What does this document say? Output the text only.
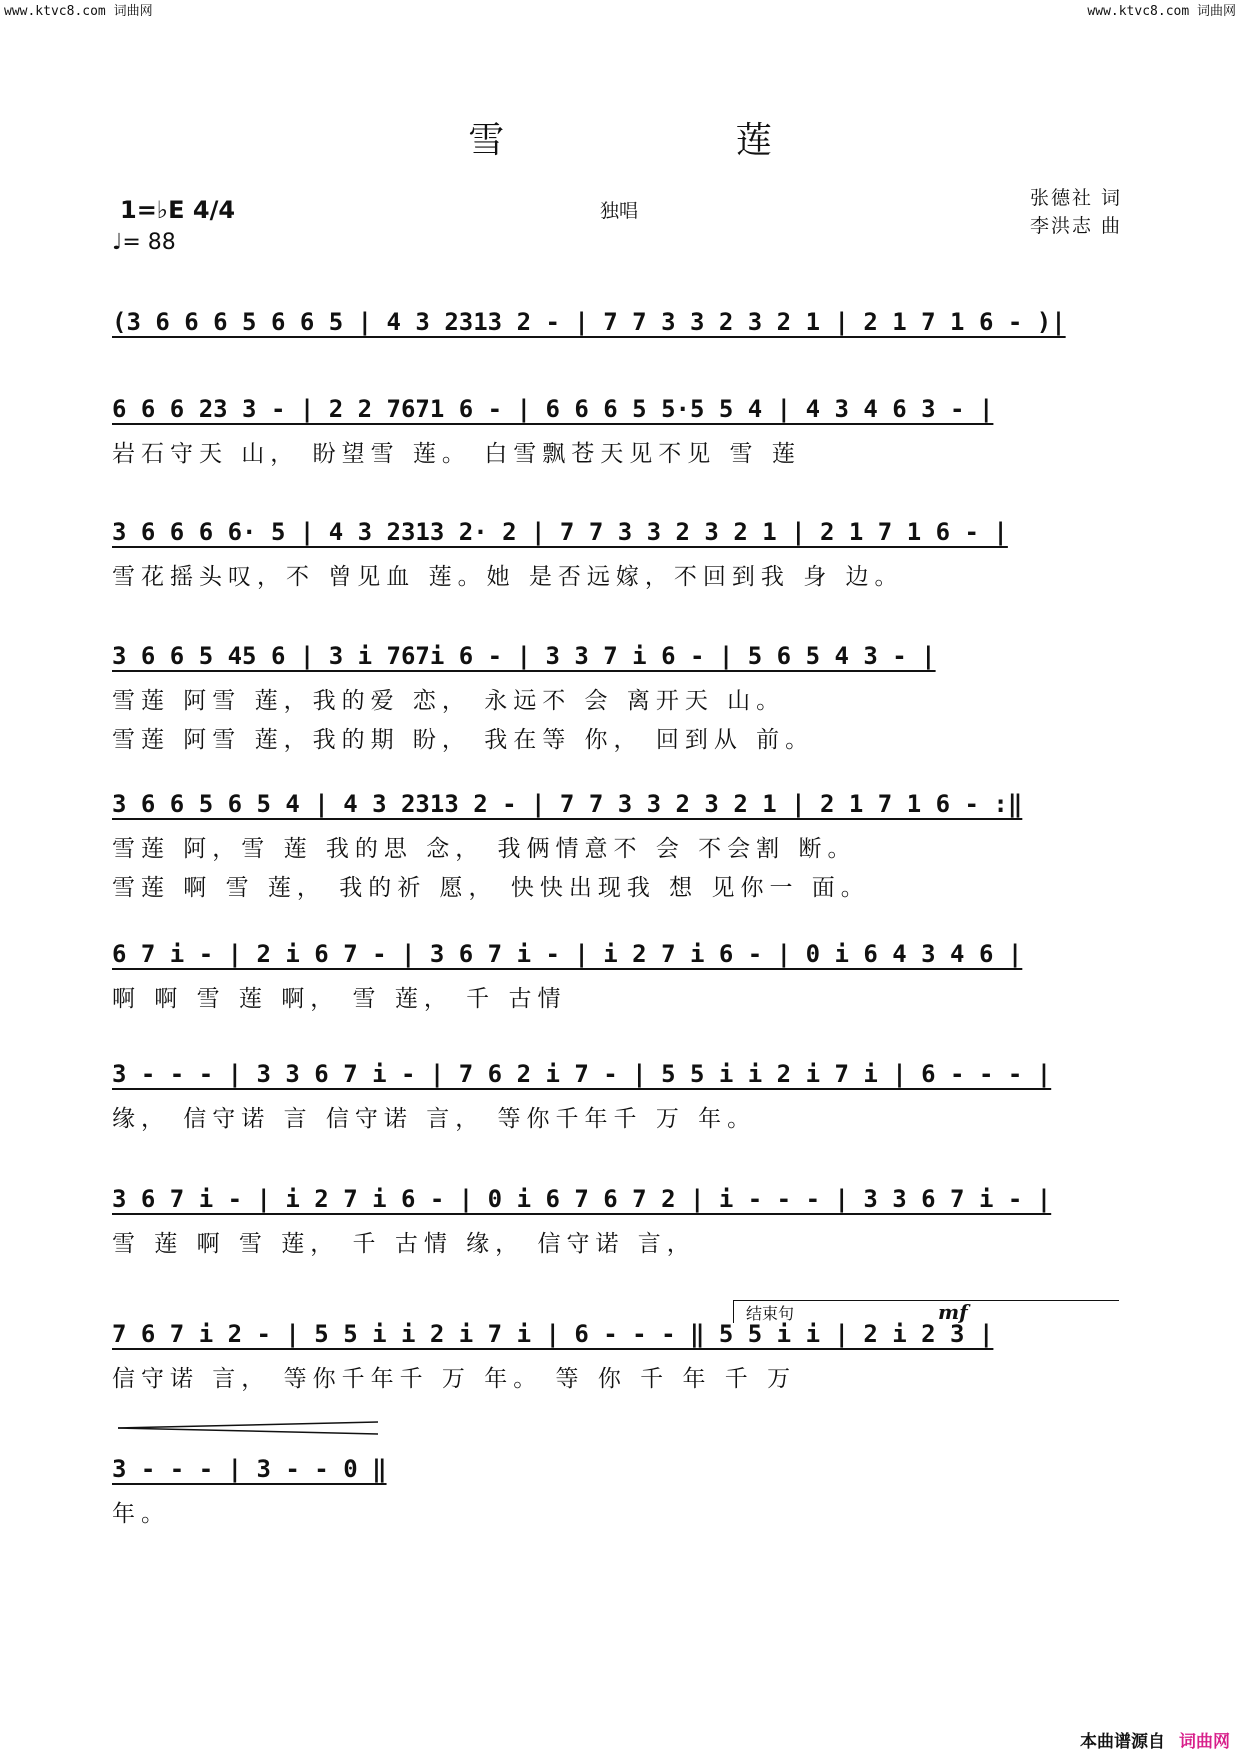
www.ktvc8.com 词曲网	www.ktvc8.com 词曲网
雪 莲
1=♭E 4/4
♩= 88
独唱
张德社 词
李洪志 曲
(3 6 6 6 5 6 6 5 | 4 3 2313 2 - | 7 7 3 3 2 3 2 1 | 2 1 7 1 6 - )|
6 6 6 23 3 - | 2 2 7671 6 - | 6 6 6 5 5·5 5 4 | 4 3 4 6 3 - |
岩石守天 山， 盼望雪 莲。 白雪飘苍天见不见 雪 莲
3 6 6 6 6· 5 | 4 3 2313 2· 2 | 7 7 3 3 2 3 2 1 | 2 1 7 1 6 - |
雪花摇头叹，不 曾见血 莲。她 是否远嫁，不回到我 身 边。
3 6 6 5 45 6 | 3 i 767i 6 - | 3 3 7 i 6 - | 5 6 5 4 3 - |
雪莲 阿雪 莲，我的爱 恋， 永远不 会 离开天 山。
雪莲 阿雪 莲，我的期 盼， 我在等 你， 回到从 前。
3 6 6 5 6 5 4 | 4 3 2313 2 - | 7 7 3 3 2 3 2 1 | 2 1 7 1 6 - :‖
雪莲 阿，雪 莲 我的思 念， 我俩情意不 会 不会割 断。
雪莲 啊 雪 莲， 我的祈 愿， 快快出现我 想 见你一 面。
6 7 i - | 2 i 6 7 - | 3 6 7 i - | i 2 7 i 6 - | 0 i 6 4 3 4 6 |
啊 啊 雪 莲 啊， 雪 莲， 千 古情
3 - - - | 3 3 6 7 i - | 7 6 2 i 7 - | 5 5 i i 2 i 7 i | 6 - - - |
缘， 信守诺 言 信守诺 言， 等你千年千 万 年。
3 6 7 i - | i 2 7 i 6 - | 0 i 6 7 6 7 2 | i - - - | 3 3 6 7 i - |
雪 莲 啊 雪 莲， 千 古情 缘， 信守诺 言，
7 6 7 i 2 - | 5 5 i i 2 i 7 i | 6 - - - ‖ 5 5 i i | 2 i 2 3 |
信守诺 言， 等你千年千 万 年。 等 你 千 年 千 万
3 - - - | 3 - - 0 ‖
年。
结束句	mf
本曲谱源自 词曲网
